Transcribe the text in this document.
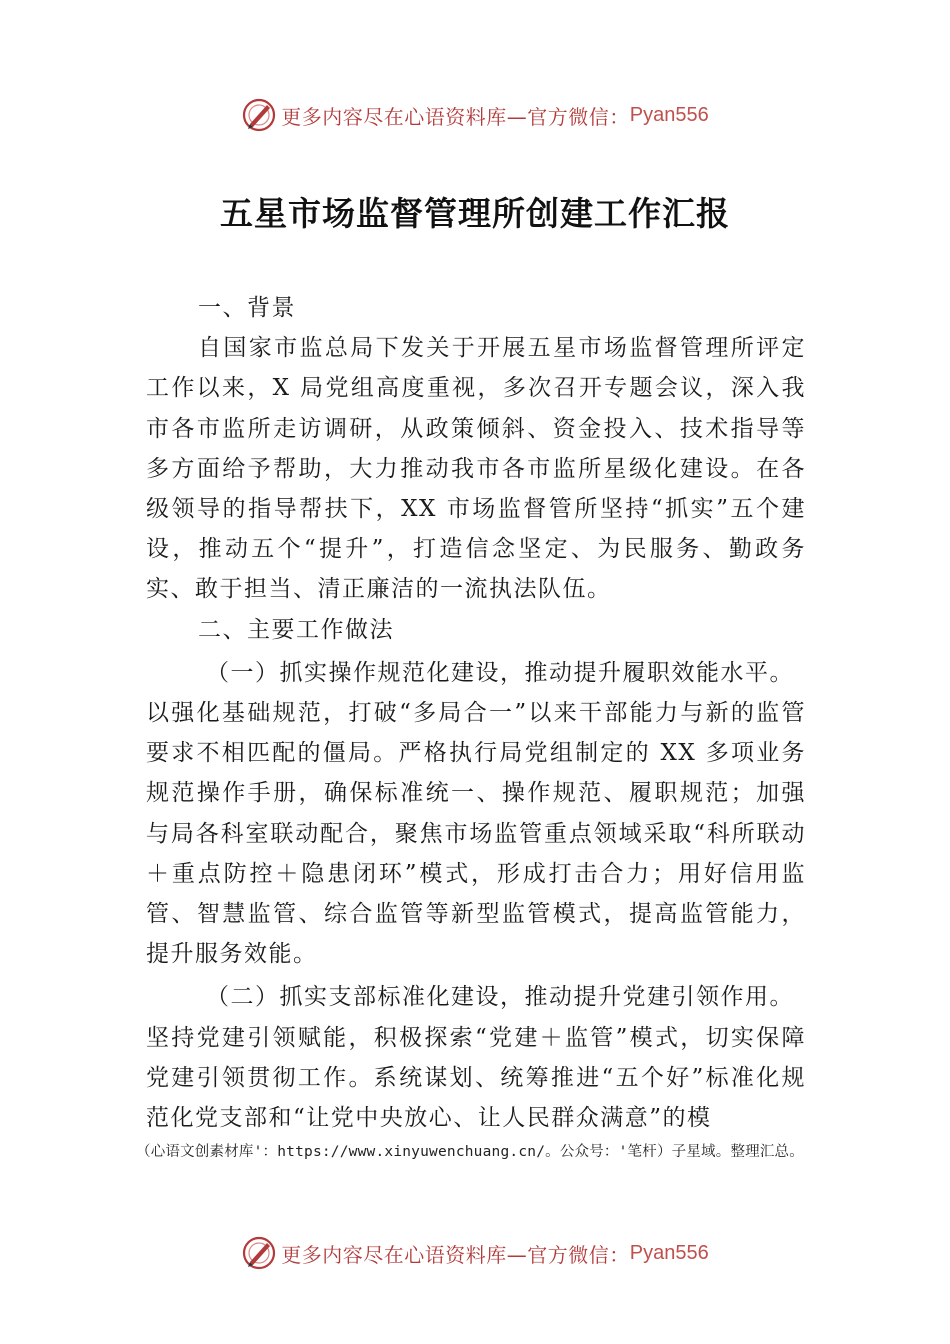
更多内容尽在心语资料库—官方微信： Pyan556
五星市场监督管理所创建工作汇报

一、背景

自国家市监总局下发关于开展五星市场监督管理所评定工作以来，X 局党组高度重视，多次召开专题会议，深入我市各市监所走访调研，从政策倾斜、资金投入、技术指导等多方面给予帮助，大力推动我市各市监所星级化建设。在各级领导的指导帮扶下，XX 市场监督管所坚持“抓实”五个建设，推动五个“提升”，打造信念坚定、为民服务、勤政务实、敢于担当、清正廉洁的一流执法队伍。

二、主要工作做法

（一）抓实操作规范化建设，推动提升履职效能水平。

以强化基础规范，打破“多局合一”以来干部能力与新的监管要求不相匹配的僵局。严格执行局党组制定的 XX 多项业务规范操作手册，确保标准统一、操作规范、履职规范；加强与局各科室联动配合，聚焦市场监管重点领域采取“科所联动＋重点防控＋隐患闭环”模式，形成打击合力；用好信用监管、智慧监管、综合监管等新型监管模式，提高监管能力，提升服务效能。

（二）抓实支部标准化建设，推动提升党建引领作用。

坚持党建引领赋能，积极探索“党建＋监管”模式，切实保障党建引领贯彻工作。系统谋划、统筹推进“五个好”标准化规范化党支部和“让党中央放心、让人民群众满意”的模

（心语文创素材库'：https://www.xinyuwenchuang.cn/。公众号：'笔杆）子星域。整理汇总。
更多内容尽在心语资料库—官方微信： Pyan556
